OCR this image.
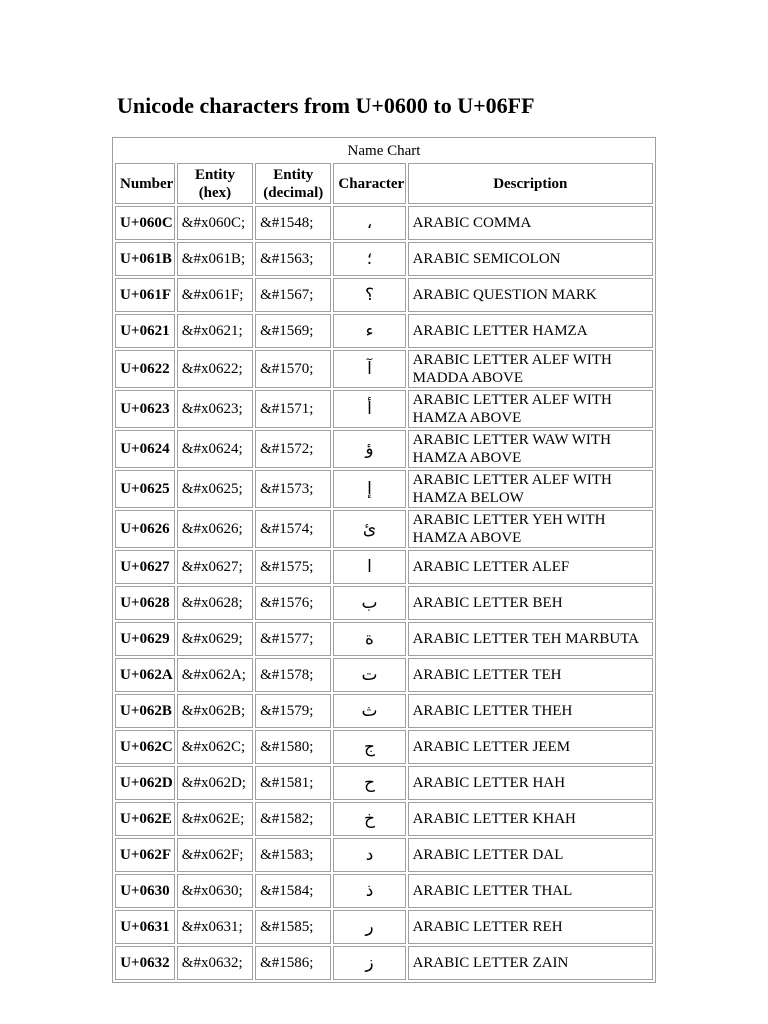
Unicode characters from U+0600 to U+06FF
Name Chart				
Number	Entity (hex)	Entity (decimal)	Character	Description
U+060C	&#x060C;	&#1548;	،	ARABIC COMMA
U+061B	&#x061B;	&#1563;	؛	ARABIC SEMICOLON
U+061F	&#x061F;	&#1567;	؟	ARABIC QUESTION MARK
U+0621	&#x0621;	&#1569;	ء	ARABIC LETTER HAMZA
U+0622	&#x0622;	&#1570;	آ	ARABIC LETTER ALEF WITH MADDA ABOVE
U+0623	&#x0623;	&#1571;	أ	ARABIC LETTER ALEF WITH HAMZA ABOVE
U+0624	&#x0624;	&#1572;	ؤ	ARABIC LETTER WAW WITH HAMZA ABOVE
U+0625	&#x0625;	&#1573;	إ	ARABIC LETTER ALEF WITH HAMZA BELOW
U+0626	&#x0626;	&#1574;	ئ	ARABIC LETTER YEH WITH HAMZA ABOVE
U+0627	&#x0627;	&#1575;	ا	ARABIC LETTER ALEF
U+0628	&#x0628;	&#1576;	ب	ARABIC LETTER BEH
U+0629	&#x0629;	&#1577;	ة	ARABIC LETTER TEH MARBUTA
U+062A	&#x062A;	&#1578;	ت	ARABIC LETTER TEH
U+062B	&#x062B;	&#1579;	ث	ARABIC LETTER THEH
U+062C	&#x062C;	&#1580;	ج	ARABIC LETTER JEEM
U+062D	&#x062D;	&#1581;	ح	ARABIC LETTER HAH
U+062E	&#x062E;	&#1582;	خ	ARABIC LETTER KHAH
U+062F	&#x062F;	&#1583;	د	ARABIC LETTER DAL
U+0630	&#x0630;	&#1584;	ذ	ARABIC LETTER THAL
U+0631	&#x0631;	&#1585;	ر	ARABIC LETTER REH
U+0632	&#x0632;	&#1586;	ز	ARABIC LETTER ZAIN
